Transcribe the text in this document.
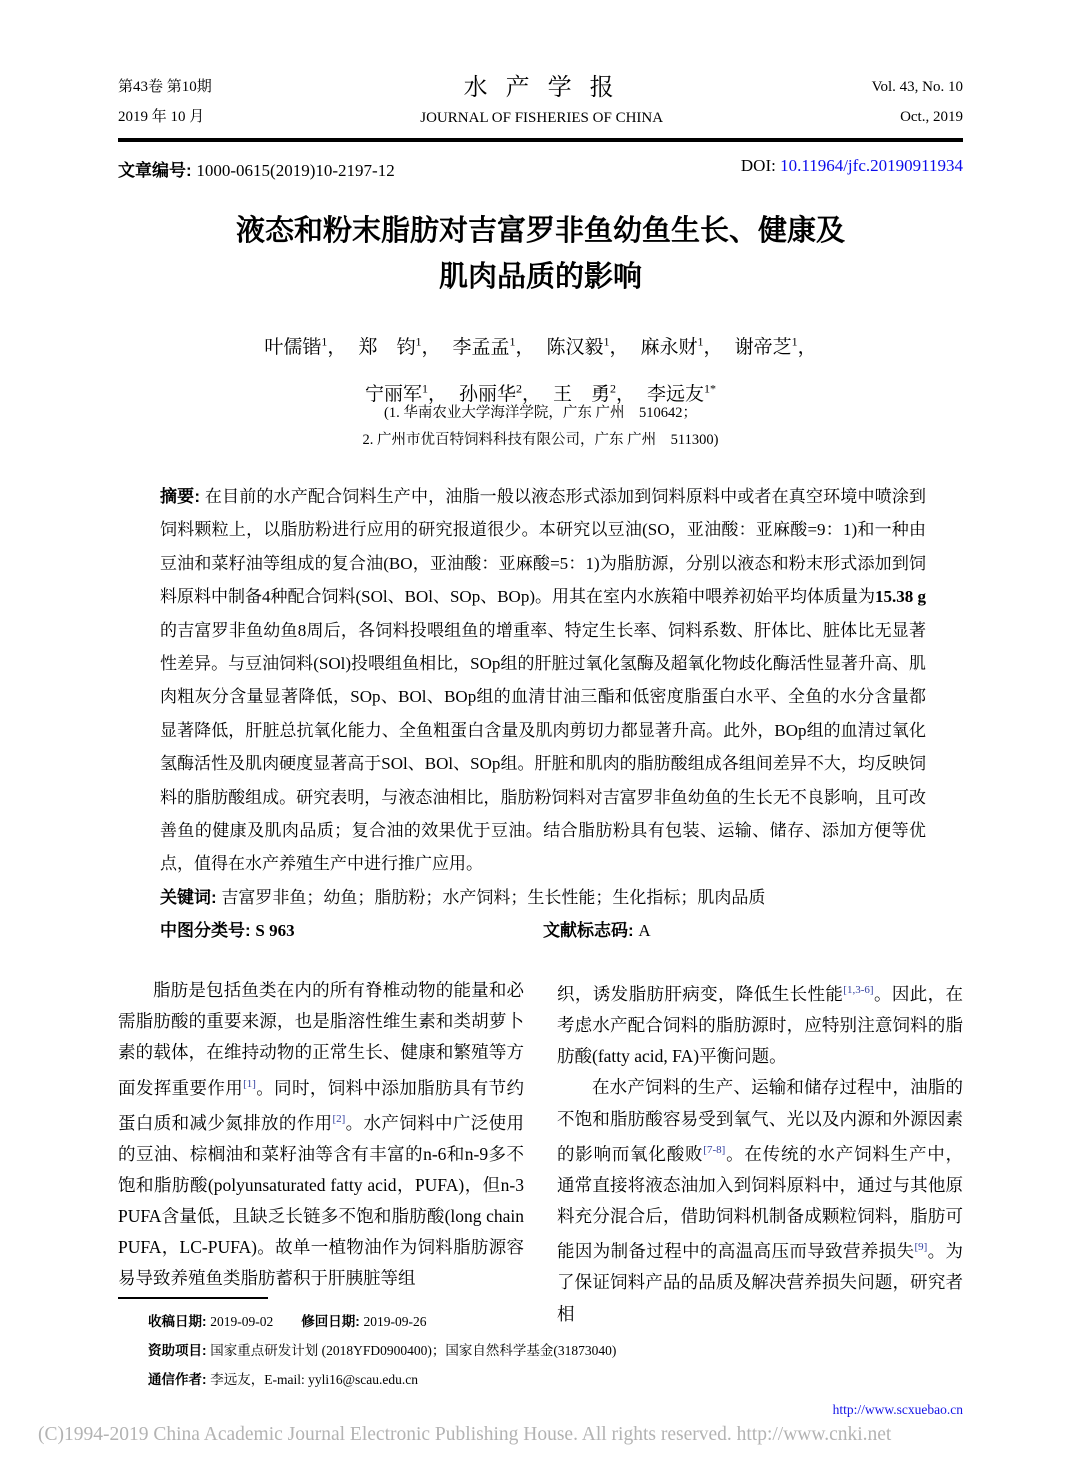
第43卷 第10期
2019 年 10 月
水 产 学 报
JOURNAL OF FISHERIES OF CHINA
Vol. 43, No. 10
Oct., 2019
文章编号: 1000-0615(2019)10-2197-12	DOI: 10.11964/jfc.20190911934
液态和粉末脂肪对吉富罗非鱼幼鱼生长、健康及
肌肉品质的影响
叶儒锴$^1$， 郑　钧$^1$， 李孟孟$^1$， 陈汉毅$^1$， 麻永财$^1$， 谢帝芝$^1$，
宁丽军$^1$， 孙丽华$^2$， 王　勇$^2$， 李远友$^{1*}$
(1. 华南农业大学海洋学院，广东 广州　510642；
2. 广州市优百特饲料科技有限公司，广东 广州　511300)
摘要: 在目前的水产配合饲料生产中，油脂一般以液态形式添加到饲料原料中或者在真空环境中喷涂到饲料颗粒上，以脂肪粉进行应用的研究报道很少。本研究以豆油(SO，亚油酸：亚麻酸=9：1)和一种由豆油和菜籽油等组成的复合油(BO，亚油酸：亚麻酸=5：1)为脂肪源，分别以液态和粉末形式添加到饲料原料中制备4种配合饲料(SOl、BOl、SOp、BOp)。用其在室内水族箱中喂养初始平均体质量为15.38 g的吉富罗非鱼幼鱼8周后，各饲料投喂组鱼的增重率、特定生长率、饲料系数、肝体比、脏体比无显著性差异。与豆油饲料(SOl)投喂组鱼相比，SOp组的肝脏过氧化氢酶及超氧化物歧化酶活性显著升高、肌肉粗灰分含量显著降低，SOp、BOl、BOp组的血清甘油三酯和低密度脂蛋白水平、全鱼的水分含量都显著降低，肝脏总抗氧化能力、全鱼粗蛋白含量及肌肉剪切力都显著升高。此外，BOp组的血清过氧化氢酶活性及肌肉硬度显著高于SOl、BOl、SOp组。肝脏和肌肉的脂肪酸组成各组间差异不大，均反映饲料的脂肪酸组成。研究表明，与液态油相比，脂肪粉饲料对吉富罗非鱼幼鱼的生长无不良影响，且可改善鱼的健康及肌肉品质；复合油的效果优于豆油。结合脂肪粉具有包装、运输、储存、添加方便等优点，值得在水产养殖生产中进行推广应用。
关键词: 吉富罗非鱼；幼鱼；脂肪粉；水产饲料；生长性能；生化指标；肌肉品质
中图分类号: S 963	文献标志码: A

脂肪是包括鱼类在内的所有脊椎动物的能量和必需脂肪酸的重要来源，也是脂溶性维生素和类胡萝卜素的载体，在维持动物的正常生长、健康和繁殖等方面发挥重要作用[1]。同时，饲料中添加脂肪具有节约蛋白质和减少氮排放的作用[2]。水产饲料中广泛使用的豆油、棕榈油和菜籽油等含有丰富的n-6和n-9多不饱和脂肪酸(polyunsaturated fatty acid，PUFA)，但n-3 PUFA含量低，且缺乏长链多不饱和脂肪酸(long chain PUFA，LC-PUFA)。故单一植物油作为饲料脂肪源容易导致养殖鱼类脂肪蓄积于肝胰脏等组

织，诱发脂肪肝病变，降低生长性能[1,3-6]。因此，在考虑水产配合饲料的脂肪源时，应特别注意饲料的脂肪酸(fatty acid, FA)平衡问题。

在水产饲料的生产、运输和储存过程中，油脂的不饱和脂肪酸容易受到氧气、光以及内源和外源因素的影响而氧化酸败[7-8]。在传统的水产饲料生产中，通常直接将液态油加入到饲料原料中，通过与其他原料充分混合后，借助饲料机制备成颗粒饲料，脂肪可能因为制备过程中的高温高压而导致营养损失[9]。为了保证饲料产品的品质及解决营养损失问题，研究者相

收稿日期: 2019-09-02 修回日期: 2019-09-26
资助项目: 国家重点研发计划 (2018YFD0900400)；国家自然科学基金(31873040)
通信作者: 李远友，E-mail: yyli16@scau.edu.cn
http://www.scxuebao.cn
(C)1994-2019 China Academic Journal Electronic Publishing House. All rights reserved. http://www.cnki.net
